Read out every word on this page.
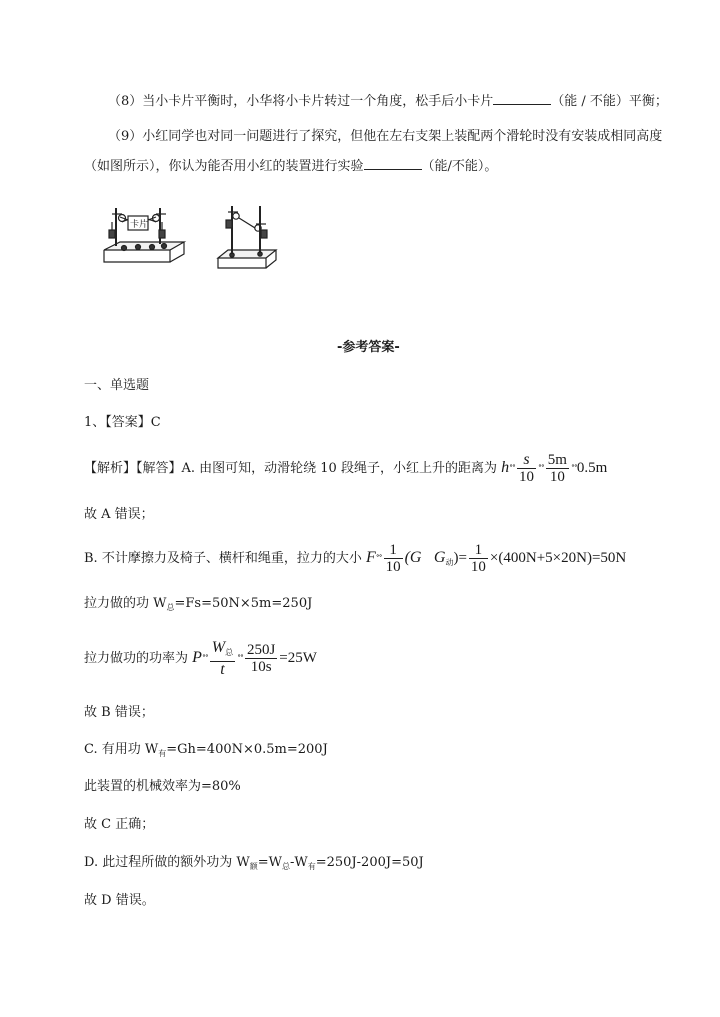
（8）当小卡片平衡时，小华将小卡片转过一个角度，松手后小卡片	（能 / 不能）平衡；
（9）小红同学也对同一问题进行了探究，但他在左右支架上装配两个滑轮时没有安装成相同高度
（如图所示），你认为能否用小红的装置进行实验	（能/不能）。
卡片
-参考答案-
一、单选题
1、【答案】C
【解析】【解答】A. 由图可知，动滑轮绕 10 段绳子，小红上升的距离为 $h^{\circ\circ} \frac{s}{10} ^{\circ\circ} \frac{5m}{10} ^{\circ\circ}0.5m$
故 A 错误；
B. 不计摩擦力及椅子、横杆和绳重，拉力的大小 $F^{\circ\circ} \frac{1}{10} (G$ $G_动)= \frac{1}{10} \times(400N+5\times 20N)=50N$
拉力做的功 $W_总=Fs=50N\times 5m=250J$
拉力做功的功率为 $P^{\circ\circ} \frac{W_总}{t} ^{\circ\circ} \frac{250J}{10s} =25W$
故 B 错误；
C. 有用功 $W_有=Gh=400N\times 0.5m=200J$
此装置的机械效率为=80%
故 C 正确；
D. 此过程所做的额外功为 $W_额=W_总-W_有=250J-200J=50J$
故 D 错误。
